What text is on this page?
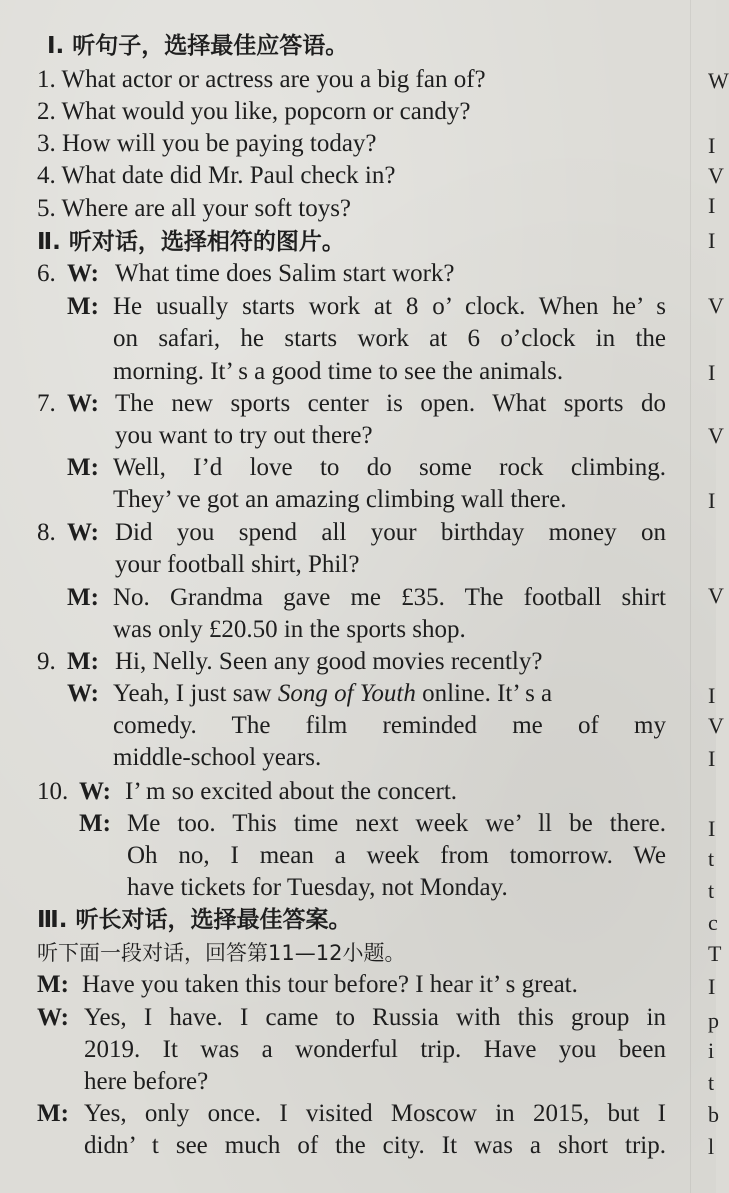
Ⅰ. 听句子，选择最佳应答语。
1. What actor or actress are you a big fan of?
2. What would you like, popcorn or candy?
3. How will you be paying today?
4. What date did Mr. Paul check in?
5. Where are all your soft toys?
Ⅱ. 听对话，选择相符的图片。
6. W: What time does Salim start work?
M: He usually starts work at 8 o’ clock. When he’ s
on safari, he starts work at 6 o’clock in the
morning. It’ s a good time to see the animals.
7. W: The new sports center is open. What sports do
you want to try out there?
M: Well, I’d love to do some rock climbing.
They’ ve got an amazing climbing wall there.
8. W: Did you spend all your birthday money on
your football shirt, Phil?
M: No. Grandma gave me £35. The football shirt
was only £20.50 in the sports shop.
9. M: Hi, Nelly. Seen any good movies recently?
W: Yeah, I just saw Song of Youth online. It’ s a
comedy. The film reminded me of my
middle-school years.
10. W: I’ m so excited about the concert.
M: Me too. This time next week we’ ll be there.
Oh no, I mean a week from tomorrow. We
have tickets for Tuesday, not Monday.
Ⅲ. 听长对话，选择最佳答案。
听下面一段对话，回答第11—12小题。
M: Have you taken this tour before? I hear it’ s great.
W: Yes, I have. I came to Russia with this group in
2019. It was a wonderful trip. Have you been
here before?
M: Yes, only once. I visited Moscow in 2015, but I
didn’ t see much of the city. It was a short trip.
W
I
V
I
I
V
I
V
I
V
I
V
I
I
t
t
c
T
I
p
i
t
b
l
